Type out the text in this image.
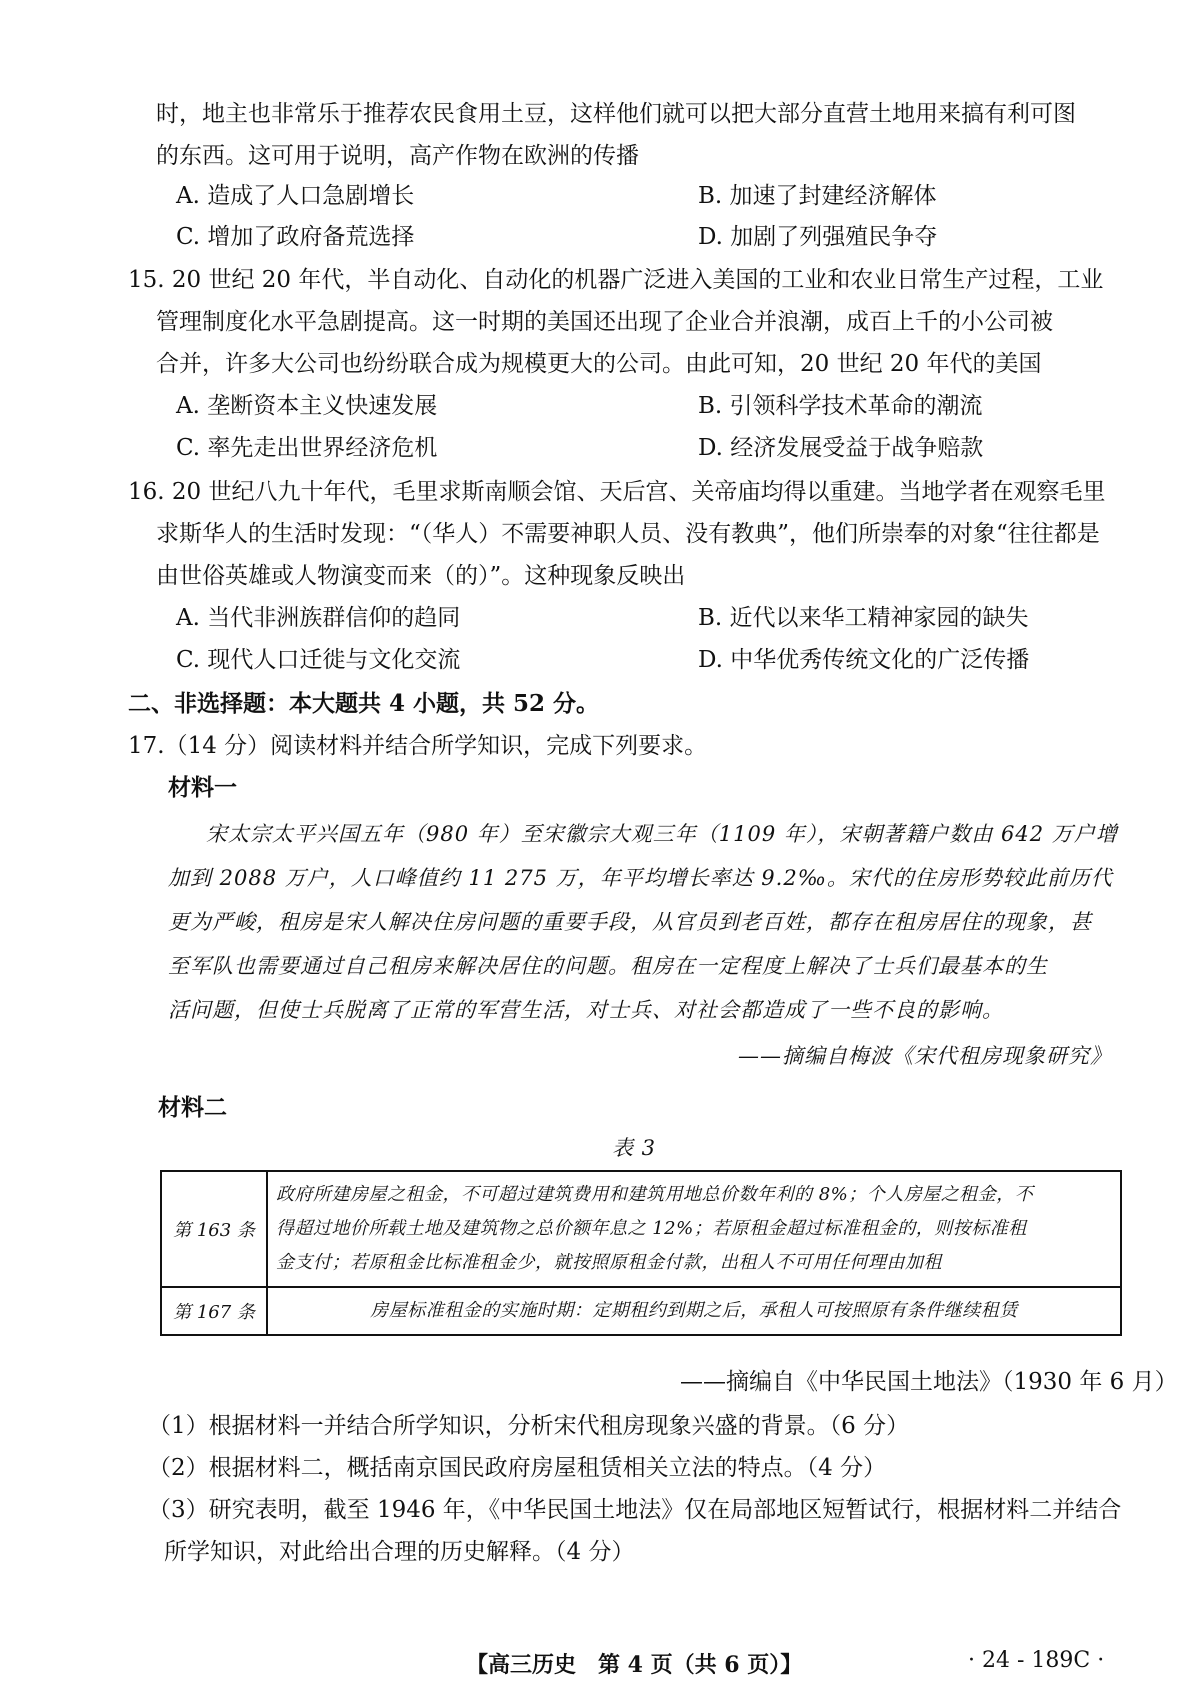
时，地主也非常乐于推荐农民食用土豆，这样他们就可以把大部分直营土地用来搞有利可图
的东西。这可用于说明，高产作物在欧洲的传播
A. 造成了人口急剧增长	B. 加速了封建经济解体
C. 增加了政府备荒选择	D. 加剧了列强殖民争夺
15. 20 世纪 20 年代，半自动化、自动化的机器广泛进入美国的工业和农业日常生产过程，工业
管理制度化水平急剧提高。这一时期的美国还出现了企业合并浪潮，成百上千的小公司被
合并，许多大公司也纷纷联合成为规模更大的公司。由此可知，20 世纪 20 年代的美国
A. 垄断资本主义快速发展	B. 引领科学技术革命的潮流
C. 率先走出世界经济危机	D. 经济发展受益于战争赔款
16. 20 世纪八九十年代，毛里求斯南顺会馆、天后宫、关帝庙均得以重建。当地学者在观察毛里
求斯华人的生活时发现：“（华人）不需要神职人员、没有教典”，他们所崇奉的对象“往往都是
由世俗英雄或人物演变而来（的）”。这种现象反映出
A. 当代非洲族群信仰的趋同	B. 近代以来华工精神家园的缺失
C. 现代人口迁徙与文化交流	D. 中华优秀传统文化的广泛传播
二、非选择题：本大题共 4 小题，共 52 分。
17.（14 分）阅读材料并结合所学知识，完成下列要求。
材料一
宋太宗太平兴国五年（980 年）至宋徽宗大观三年（1109 年），宋朝著籍户数由 642 万户增
加到 2088 万户，人口峰值约 11 275 万，年平均增长率达 9.2‰。宋代的住房形势较此前历代
更为严峻，租房是宋人解决住房问题的重要手段，从官员到老百姓，都存在租房居住的现象，甚
至军队也需要通过自己租房来解决居住的问题。租房在一定程度上解决了士兵们最基本的生
活问题，但使士兵脱离了正常的军营生活，对士兵、对社会都造成了一些不良的影响。
——摘编自梅波《宋代租房现象研究》
材料二
表 3
第 163 条	政府所建房屋之租金，不可超过建筑费用和建筑用地总价数年利的 8%；个人房屋之租金，不
得超过地价所载土地及建筑物之总价额年息之 12%；若原租金超过标准租金的，则按标准租
金支付；若原租金比标准租金少，就按照原租金付款，出租人不可用任何理由加租

第 167 条	房屋标准租金的实施时期：定期租约到期之后，承租人可按照原有条件继续租赁
——摘编自《中华民国土地法》（1930 年 6 月）
（1）根据材料一并结合所学知识，分析宋代租房现象兴盛的背景。（6 分）
（2）根据材料二，概括南京国民政府房屋租赁相关立法的特点。（4 分）
（3）研究表明，截至 1946 年，《中华民国土地法》仅在局部地区短暂试行，根据材料二并结合
所学知识，对此给出合理的历史解释。（4 分）
【高三历史　第 4 页（共 6 页）】	· 24 - 189C ·
